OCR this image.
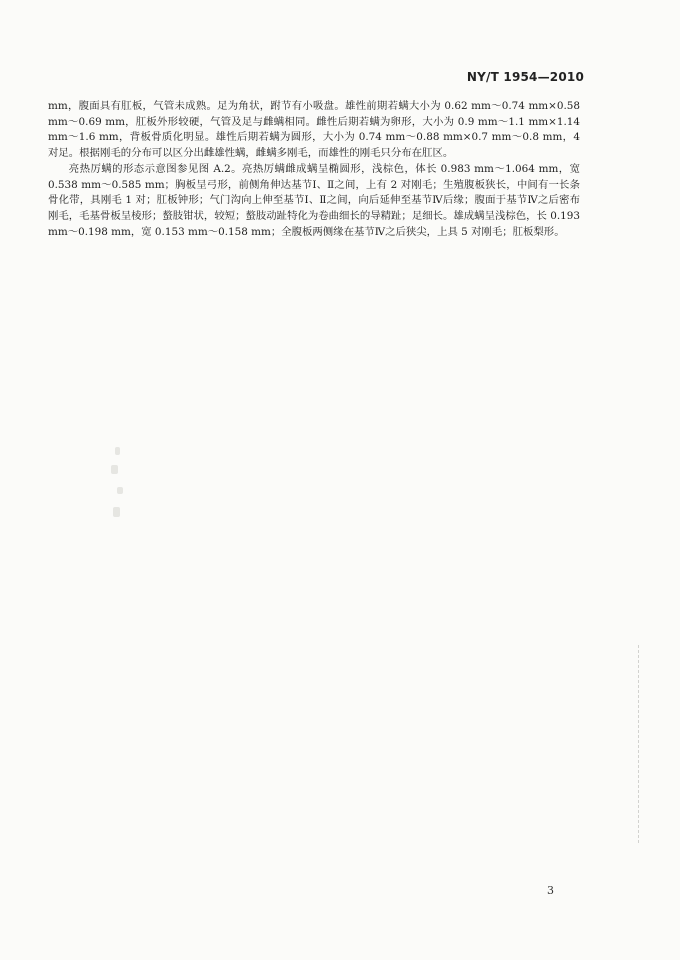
NY/T 1954—2010

mm，腹面具有肛板，气管未成熟。足为角状，跗节有小吸盘。雄性前期若螨大小为 0.62 mm～0.74 mm×0.58 mm～0.69 mm，肛板外形较硬，气管及足与雌螨相同。雌性后期若螨为卵形，大小为 0.9 mm～1.1 mm×1.14 mm～1.6 mm，背板骨质化明显。雄性后期若螨为圆形，大小为 0.74 mm～0.88 mm×0.7 mm～0.8 mm，4 对足。根据刚毛的分布可以区分出雌雄性螨，雌螨多刚毛，而雄性的刚毛只分布在肛区。

亮热厉螨的形态示意图参见图 A.2。亮热厉螨雌成螨呈椭圆形，浅棕色，体长 0.983 mm～1.064 mm，宽 0.538 mm～0.585 mm；胸板呈弓形，前侧角伸达基节Ⅰ、Ⅱ之间，上有 2 对刚毛；生殖腹板狭长，中间有一长条骨化带，具刚毛 1 对；肛板钟形；气门沟向上伸至基节Ⅰ、Ⅱ之间，向后延伸至基节Ⅳ后缘；腹面于基节Ⅳ之后密布刚毛，毛基骨板呈棱形；螯肢钳状，较短；螯肢动趾特化为卷曲细长的导精趾；足细长。雄成螨呈浅棕色，长 0.193 mm～0.198 mm，宽 0.153 mm～0.158 mm；全腹板两侧缘在基节Ⅳ之后狭尖，上具 5 对刚毛；肛板梨形。

3
